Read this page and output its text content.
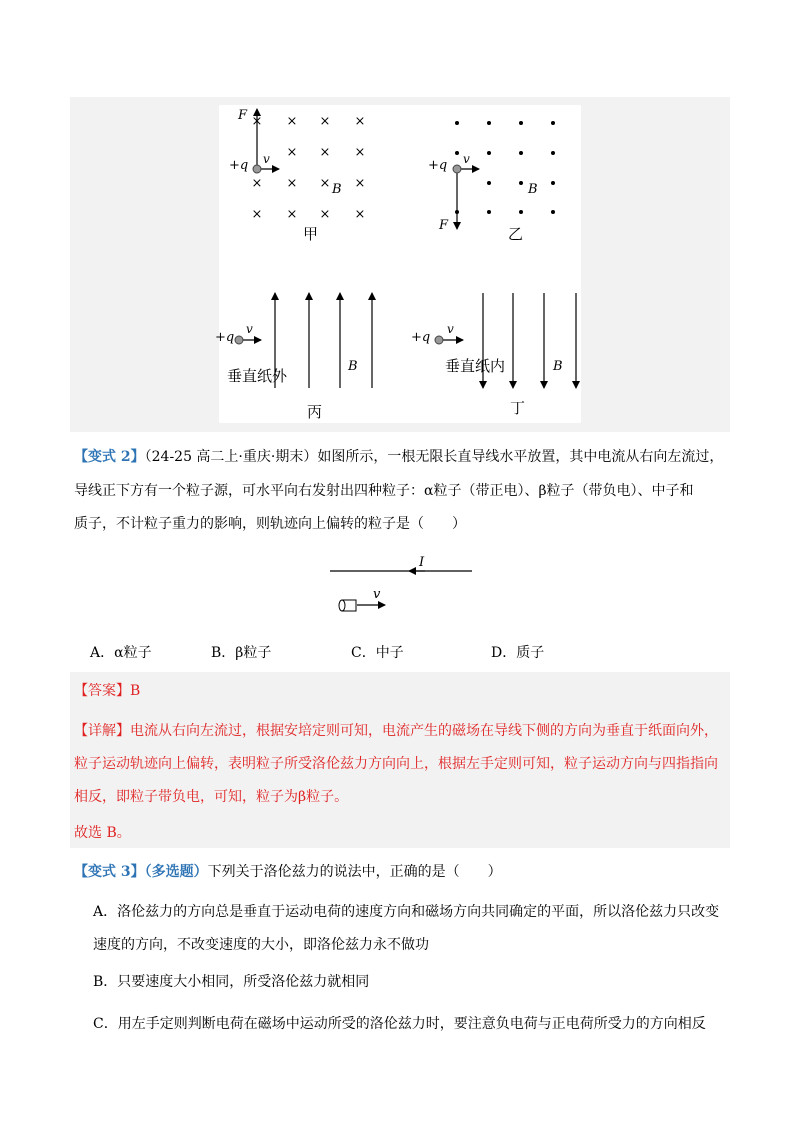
× × × ×
× × ×
× × × ×
× × × ×
F
+q v
B
甲
+q v
B
F	乙
+q
v
垂直纸外
B
丙
+q
v
垂直纸内	B
丁
【变式 2】（24-25 高二上·重庆·期末）如图所示，一根无限长直导线水平放置，其中电流从右向左流过，
导线正下方有一个粒子源，可水平向右发射出四种粒子：α粒子（带正电）、β粒子（带负电）、中子和
质子，不计粒子重力的影响，则轨迹向上偏转的粒子是（　　）
I
v
A．α粒子	B．β粒子	C．中子	D．质子
【答案】B
【详解】电流从右向左流过，根据安培定则可知，电流产生的磁场在导线下侧的方向为垂直于纸面向外，
粒子运动轨迹向上偏转，表明粒子所受洛伦兹力方向向上，根据左手定则可知，粒子运动方向与四指指向
相反，即粒子带负电，可知，粒子为β粒子。
故选 B。
【变式 3】（多选题）下列关于洛伦兹力的说法中，正确的是（　　）
A．洛伦兹力的方向总是垂直于运动电荷的速度方向和磁场方向共同确定的平面，所以洛伦兹力只改变
速度的方向，不改变速度的大小，即洛伦兹力永不做功
B．只要速度大小相同，所受洛伦兹力就相同
C．用左手定则判断电荷在磁场中运动所受的洛伦兹力时，要注意负电荷与正电荷所受力的方向相反
